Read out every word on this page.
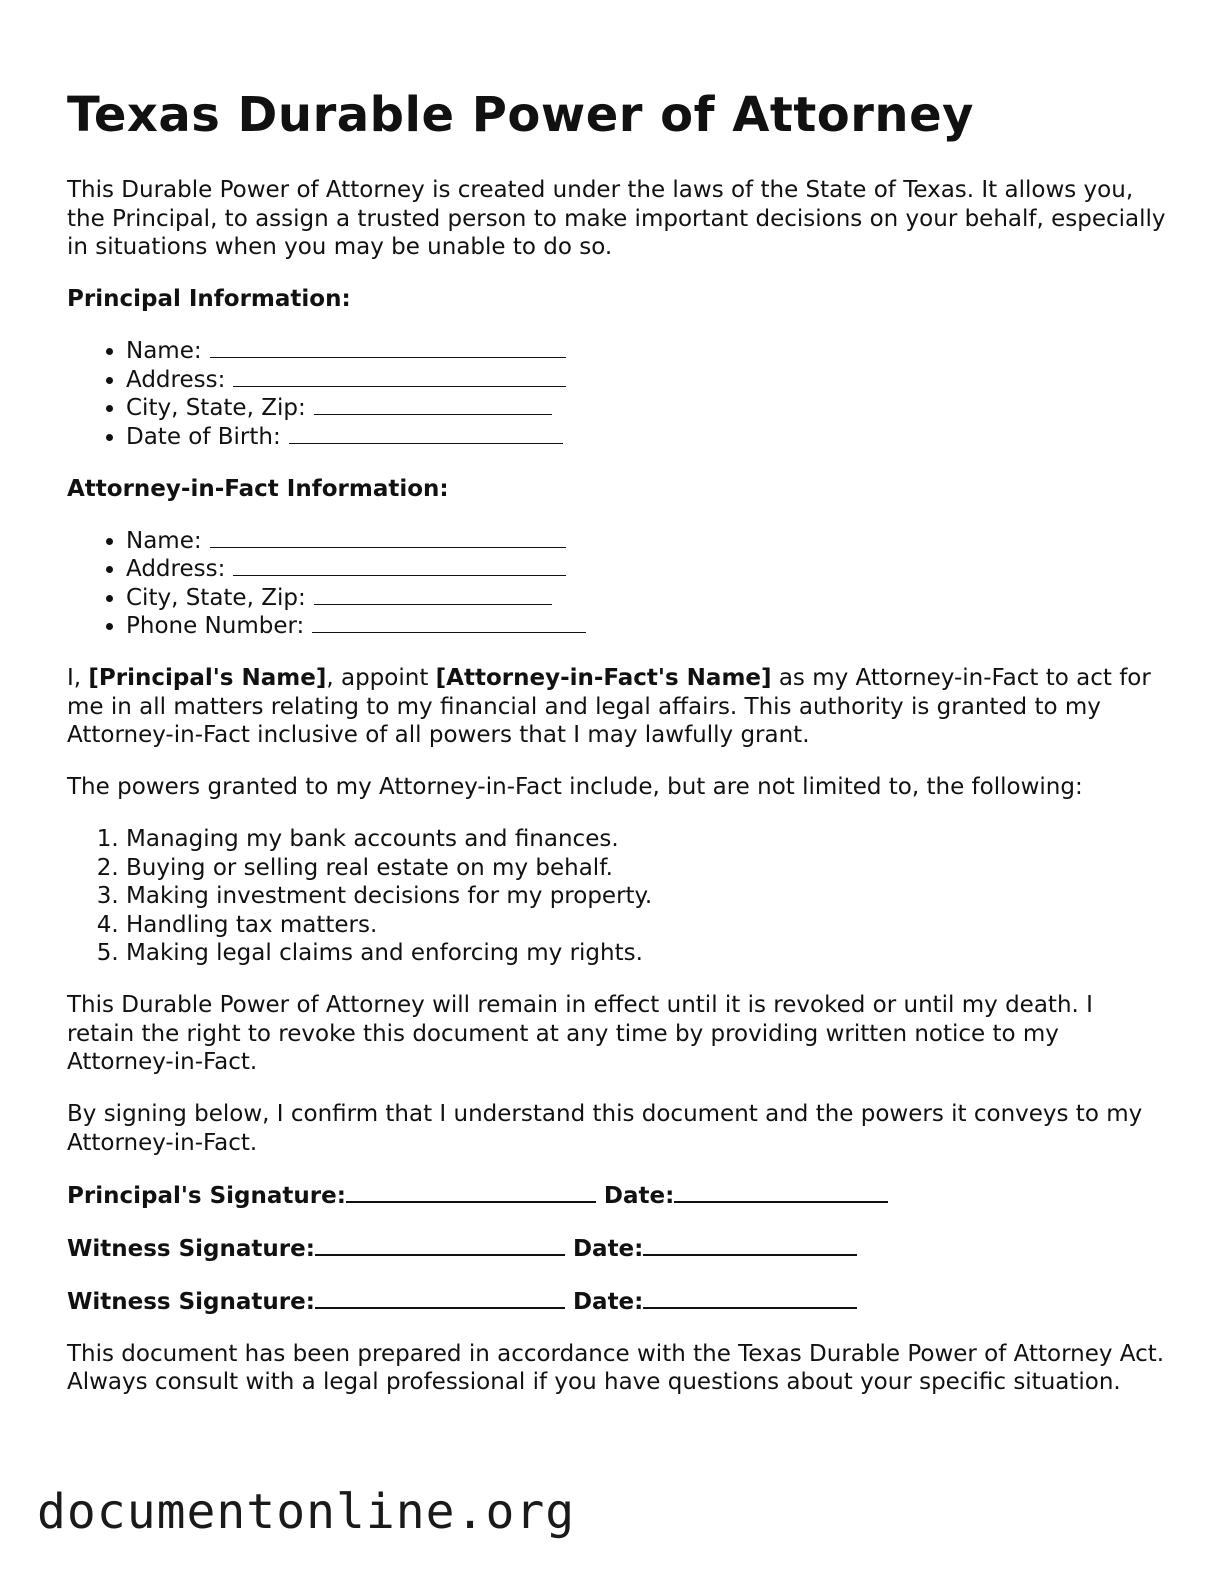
Texas Durable Power of Attorney

This Durable Power of Attorney is created under the laws of the State of Texas. It allows you, the Principal, to assign a trusted person to make important decisions on your behalf, especially in situations when you may be unable to do so.

Principal Information:
• Name:
• Address:
• City, State, Zip:
• Date of Birth:
Attorney-in-Fact Information:
• Name:
• Address:
• City, State, Zip:
• Phone Number:

I, [Principal's Name], appoint [Attorney-in-Fact's Name] as my Attorney-in-Fact to act for me in all matters relating to my financial and legal affairs. This authority is granted to my Attorney-in-Fact inclusive of all powers that I may lawfully grant.

The powers granted to my Attorney-in-Fact include, but are not limited to, the following:

1. Managing my bank accounts and finances.
2. Buying or selling real estate on my behalf.
3. Making investment decisions for my property.
4. Handling tax matters.
5. Making legal claims and enforcing my rights.

This Durable Power of Attorney will remain in effect until it is revoked or until my death. I retain the right to revoke this document at any time by providing written notice to my Attorney-in-Fact.

By signing below, I confirm that I understand this document and the powers it conveys to my Attorney-in-Fact.

Principal's Signature:	Date:
Witness Signature:	Date:
Witness Signature:	Date:

This document has been prepared in accordance with the Texas Durable Power of Attorney Act. Always consult with a legal professional if you have questions about your specific situation.

documentonline.org
